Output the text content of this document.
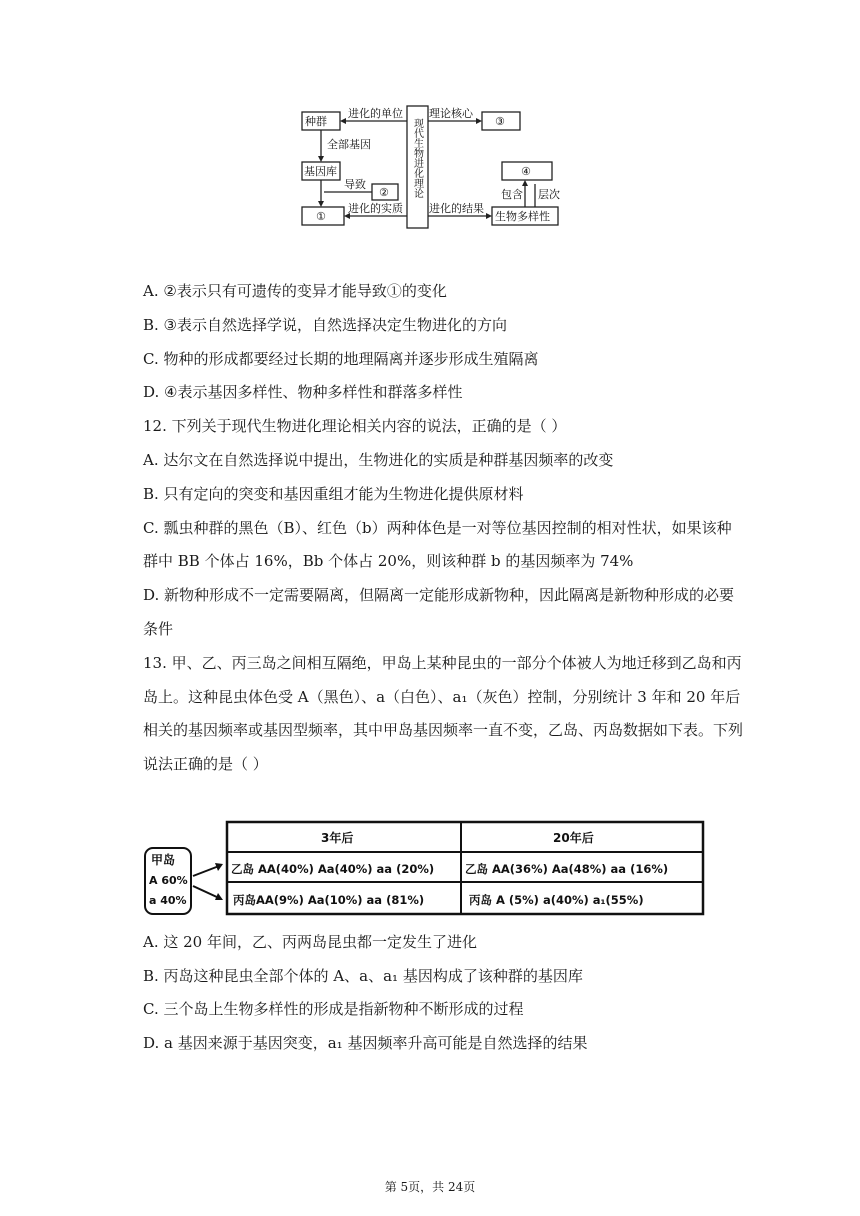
种群
基因库
①
②
③
④
生物多样性
进化的单位 理论核心
全部基因
导致
进化的实质 进化的结果
包含 层次
现代生物进化理论
A. ②表示只有可遗传的变异才能导致①的变化
B. ③表示自然选择学说，自然选择决定生物进化的方向
C. 物种的形成都要经过长期的地理隔离并逐步形成生殖隔离
D. ④表示基因多样性、物种多样性和群落多样性
12. 下列关于现代生物进化理论相关内容的说法，正确的是（ ）
A. 达尔文在自然选择说中提出，生物进化的实质是种群基因频率的改变
B. 只有定向的突变和基因重组才能为生物进化提供原材料
C. 瓢虫种群的黑色（B）、红色（b）两种体色是一对等位基因控制的相对性状，如果该种
群中 BB 个体占 16%，Bb 个体占 20%，则该种群 b 的基因频率为 74%
D. 新物种形成不一定需要隔离，但隔离一定能形成新物种，因此隔离是新物种形成的必要
条件
13. 甲、乙、丙三岛之间相互隔绝，甲岛上某种昆虫的一部分个体被人为地迁移到乙岛和丙
岛上。这种昆虫体色受 A（黑色）、a（白色）、a₁（灰色）控制，分别统计 3 年和 20 年后
相关的基因频率或基因型频率，其中甲岛基因频率一直不变，乙岛、丙岛数据如下表。下列
说法正确的是（ ）
甲岛
A 60%
a 40%
3年后	20年后
乙岛 AA(40%) Aa(40%) aa (20%)	乙岛 AA(36%) Aa(48%) aa (16%)
丙岛AA(9%) Aa(10%) aa (81%)	丙岛 A (5%) a(40%) a₁(55%)
A. 这 20 年间，乙、丙两岛昆虫都一定发生了进化
B. 丙岛这种昆虫全部个体的 A、a、a₁ 基因构成了该种群的基因库
C. 三个岛上生物多样性的形成是指新物种不断形成的过程
D. a 基因来源于基因突变，a₁ 基因频率升高可能是自然选择的结果
第 5页，共 24页
